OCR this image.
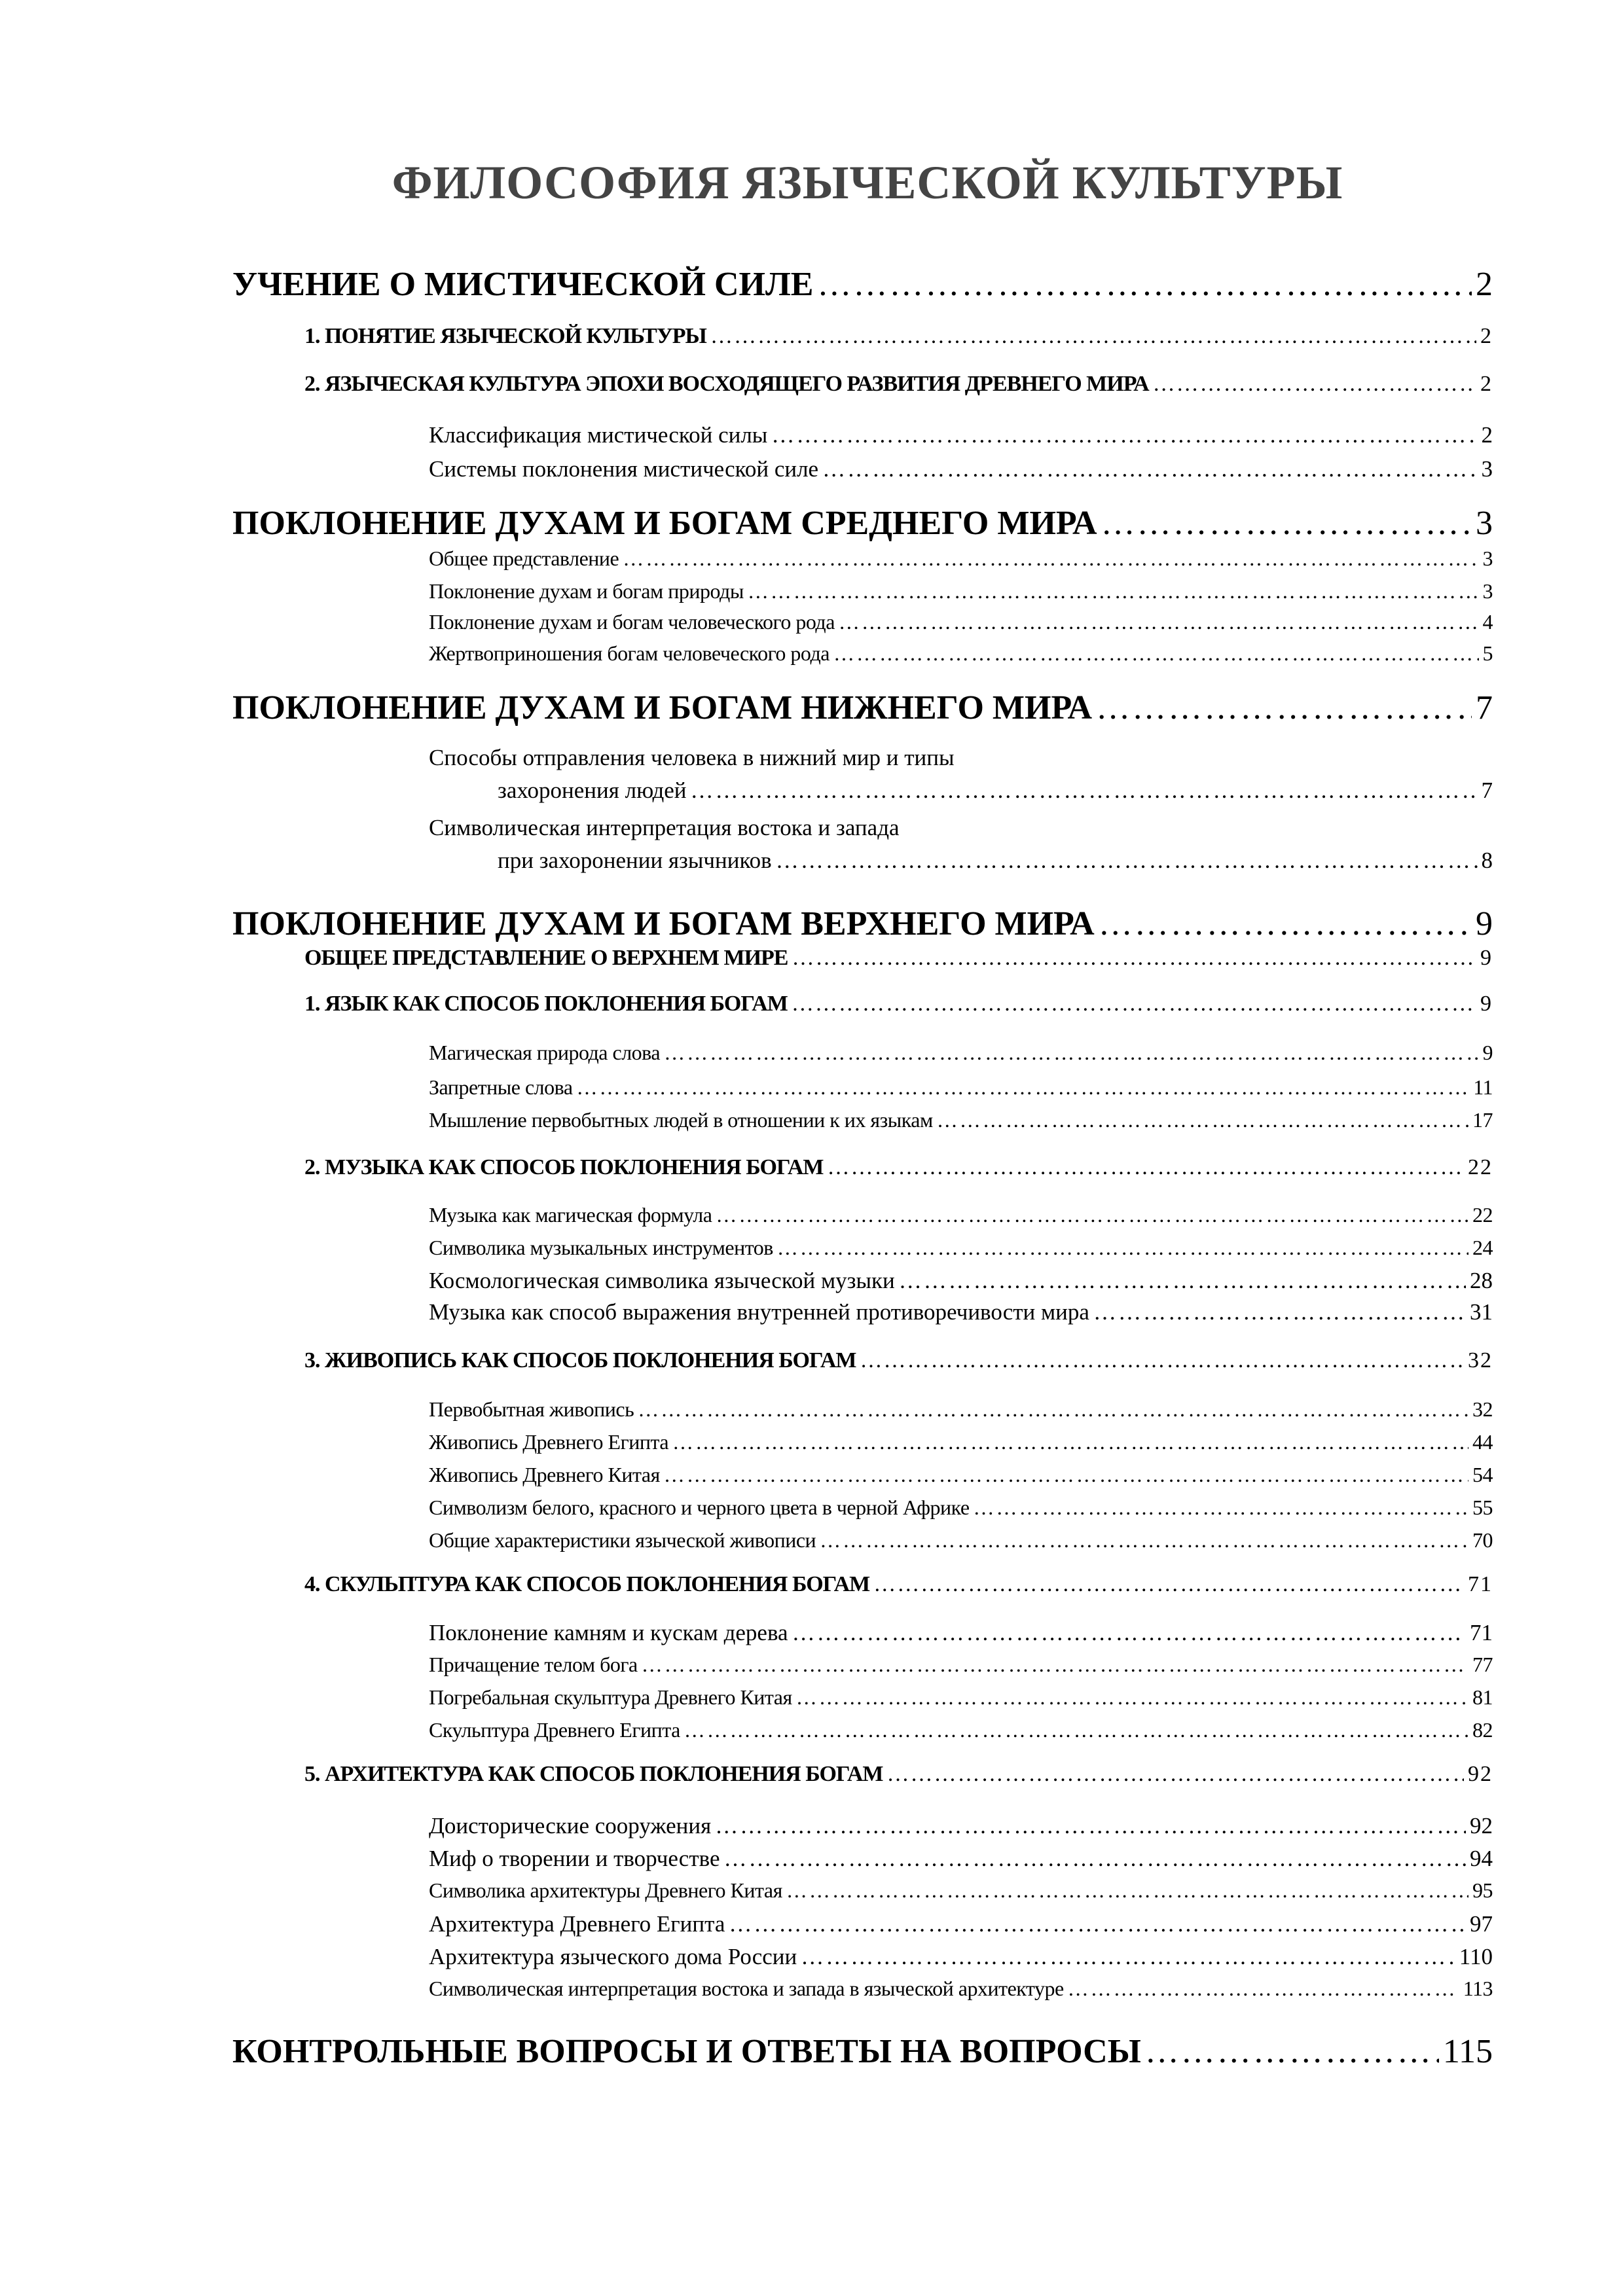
ФИЛОСОФИЯ ЯЗЫЧЕСКОЙ КУЛЬТУРЫ
УЧЕНИЕ О МИСТИЧЕСКОЙ СИЛЕ …………………………………………………………………………………………………………………………………………………………………………………………………………………………………………………………………………………………………………………………………………………………………	2
1. ПОНЯТИЕ ЯЗЫЧЕСКОЙ КУЛЬТУРЫ …………………………………………………………………………………………………………………………………………………………………………………………………………………………………………………………………………………………………………………………………………………………………	2
2. ЯЗЫЧЕСКАЯ КУЛЬТУРА ЭПОХИ ВОСХОДЯЩЕГО РАЗВИТИЯ ДРЕВНЕГО МИРА …………………………………………………………………………………………………………………………………………………………………………………………………………………………………………………………………………………………………………………………………………………………………	2
Классификация мистической силы …………………………………………………………………………………………………………………………………………………………………………………………………………………………………………………………………………………………………………………………………………………………………	2
Системы поклонения мистической силе …………………………………………………………………………………………………………………………………………………………………………………………………………………………………………………………………………………………………………………………………………………………………	3
ПОКЛОНЕНИЕ ДУХАМ И БОГАМ СРЕДНЕГО МИРА …………………………………………………………………………………………………………………………………………………………………………………………………………………………………………………………………………………………………………………………………………………………………	3
Общее представление …………………………………………………………………………………………………………………………………………………………………………………………………………………………………………………………………………………………………………………………………………………………………	3
Поклонение духам и богам природы …………………………………………………………………………………………………………………………………………………………………………………………………………………………………………………………………………………………………………………………………………………………………	3
Поклонение духам и богам человеческого рода …………………………………………………………………………………………………………………………………………………………………………………………………………………………………………………………………………………………………………………………………………………………………	4
Жертвоприношения богам человеческого рода …………………………………………………………………………………………………………………………………………………………………………………………………………………………………………………………………………………………………………………………………………………………………	5
ПОКЛОНЕНИЕ ДУХАМ И БОГАМ НИЖНЕГО МИРА …………………………………………………………………………………………………………………………………………………………………………………………………………………………………………………………………………………………………………………………………………………………………	7
Способы отправления человека в нижний мир и типы
захоронения людей …………………………………………………………………………………………………………………………………………………………………………………………………………………………………………………………………………………………………………………………………………………………………	7
Символическая интерпретация востока и запада
при захоронении язычников …………………………………………………………………………………………………………………………………………………………………………………………………………………………………………………………………………………………………………………………………………………………………	8
ПОКЛОНЕНИЕ ДУХАМ И БОГАМ ВЕРХНЕГО МИРА …………………………………………………………………………………………………………………………………………………………………………………………………………………………………………………………………………………………………………………………………………………………………	9
ОБЩЕЕ ПРЕДСТАВЛЕНИЕ О ВЕРХНЕМ МИРЕ …………………………………………………………………………………………………………………………………………………………………………………………………………………………………………………………………………………………………………………………………………………………………	9
1. ЯЗЫК КАК СПОСОБ ПОКЛОНЕНИЯ БОГАМ …………………………………………………………………………………………………………………………………………………………………………………………………………………………………………………………………………………………………………………………………………………………………	9
Магическая природа слова …………………………………………………………………………………………………………………………………………………………………………………………………………………………………………………………………………………………………………………………………………………………………	9
Запретные слова …………………………………………………………………………………………………………………………………………………………………………………………………………………………………………………………………………………………………………………………………………………………………	11
Мышление первобытных людей в отношении к их языкам …………………………………………………………………………………………………………………………………………………………………………………………………………………………………………………………………………………………………………………………………………………………………	17
2. МУЗЫКА КАК СПОСОБ ПОКЛОНЕНИЯ БОГАМ …………………………………………………………………………………………………………………………………………………………………………………………………………………………………………………………………………………………………………………………………………………………………	22
Музыка как магическая формула …………………………………………………………………………………………………………………………………………………………………………………………………………………………………………………………………………………………………………………………………………………………………	22
Символика музыкальных инструментов …………………………………………………………………………………………………………………………………………………………………………………………………………………………………………………………………………………………………………………………………………………………………	24
Космологическая символика языческой музыки …………………………………………………………………………………………………………………………………………………………………………………………………………………………………………………………………………………………………………………………………………………………………	28
Музыка как способ выражения внутренней противоречивости мира …………………………………………………………………………………………………………………………………………………………………………………………………………………………………………………………………………………………………………………………………………………………………	31
3. ЖИВОПИСЬ КАК СПОСОБ ПОКЛОНЕНИЯ БОГАМ …………………………………………………………………………………………………………………………………………………………………………………………………………………………………………………………………………………………………………………………………………………………………	32
Первобытная живопись …………………………………………………………………………………………………………………………………………………………………………………………………………………………………………………………………………………………………………………………………………………………………	32
Живопись Древнего Египта …………………………………………………………………………………………………………………………………………………………………………………………………………………………………………………………………………………………………………………………………………………………………	44
Живопись Древнего Китая …………………………………………………………………………………………………………………………………………………………………………………………………………………………………………………………………………………………………………………………………………………………………	54
Символизм белого, красного и черного цвета в черной Африке …………………………………………………………………………………………………………………………………………………………………………………………………………………………………………………………………………………………………………………………………………………………………	55
Общие характеристики языческой живописи …………………………………………………………………………………………………………………………………………………………………………………………………………………………………………………………………………………………………………………………………………………………………	70
4. СКУЛЬПТУРА КАК СПОСОБ ПОКЛОНЕНИЯ БОГАМ …………………………………………………………………………………………………………………………………………………………………………………………………………………………………………………………………………………………………………………………………………………………………	71
Поклонение камням и кускам дерева …………………………………………………………………………………………………………………………………………………………………………………………………………………………………………………………………………………………………………………………………………………………………	71
Причащение телом бога …………………………………………………………………………………………………………………………………………………………………………………………………………………………………………………………………………………………………………………………………………………………………	77
Погребальная скульптура Древнего Китая …………………………………………………………………………………………………………………………………………………………………………………………………………………………………………………………………………………………………………………………………………………………………	81
Скульптура Древнего Египта …………………………………………………………………………………………………………………………………………………………………………………………………………………………………………………………………………………………………………………………………………………………………	82
5. АРХИТЕКТУРА КАК СПОСОБ ПОКЛОНЕНИЯ БОГАМ …………………………………………………………………………………………………………………………………………………………………………………………………………………………………………………………………………………………………………………………………………………………………	92
Доисторические сооружения …………………………………………………………………………………………………………………………………………………………………………………………………………………………………………………………………………………………………………………………………………………………………	92
Миф о творении и творчестве …………………………………………………………………………………………………………………………………………………………………………………………………………………………………………………………………………………………………………………………………………………………………	94
Символика архитектуры Древнего Китая …………………………………………………………………………………………………………………………………………………………………………………………………………………………………………………………………………………………………………………………………………………………………	95
Архитектура Древнего Египта …………………………………………………………………………………………………………………………………………………………………………………………………………………………………………………………………………………………………………………………………………………………………	97
Архитектура языческого дома России …………………………………………………………………………………………………………………………………………………………………………………………………………………………………………………………………………………………………………………………………………………………………	110
Символическая интерпретация востока и запада в языческой архитектуре …………………………………………………………………………………………………………………………………………………………………………………………………………………………………………………………………………………………………………………………………………………………………	113
КОНТРОЛЬНЫЕ ВОПРОСЫ И ОТВЕТЫ НА ВОПРОСЫ …………………………………………………………………………………………………………………………………………………………………………………………………………………………………………………………………………………………………………………………………………………………………	115
